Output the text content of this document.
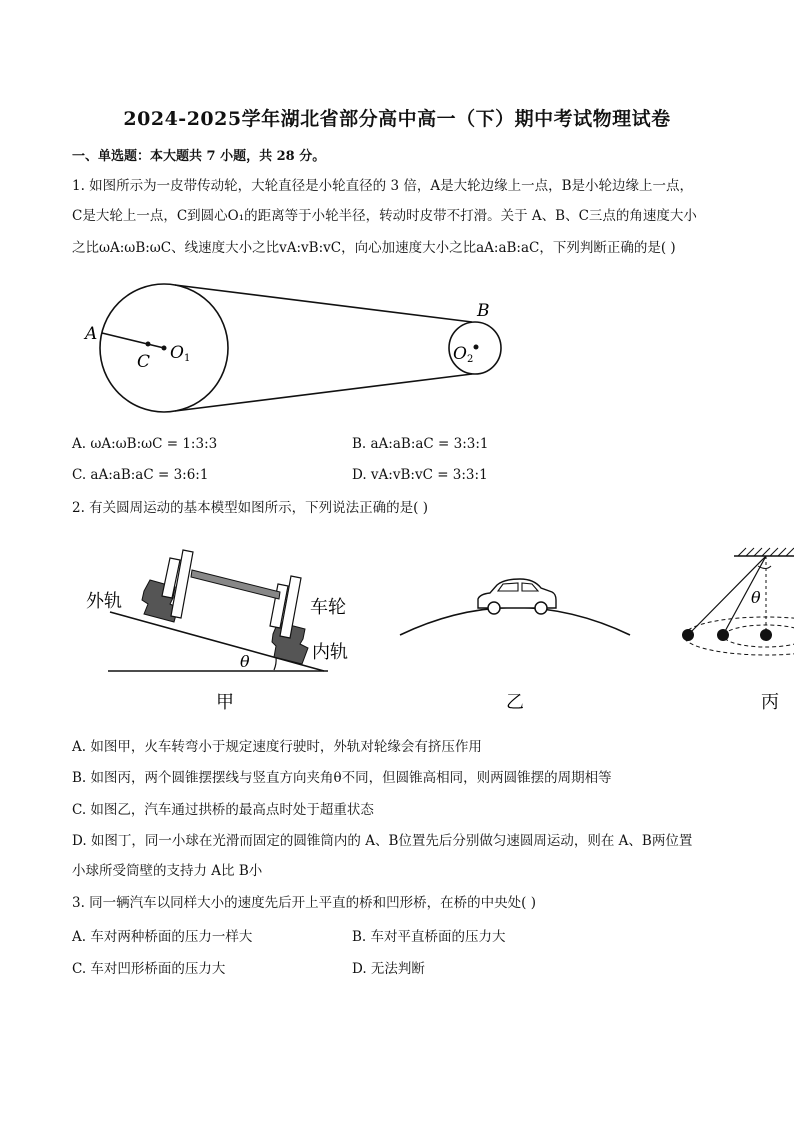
2024-2025学年湖北省部分高中高一（下）期中考试物理试卷
一、单选题：本大题共 7 小题，共 28 分。
1. 如图所示为一皮带传动轮，大轮直径是小轮直径的 3 倍，A是大轮边缘上一点，B是小轮边缘上一点，
C是大轮上一点，C到圆心O₁的距离等于小轮半径，转动时皮带不打滑。关于 A、B、C三点的角速度大小
之比ωA:ωB:ωC、线速度大小之比vA:vB:vC，向心加速度大小之比aA:aB:aC，下列判断正确的是( )
A
C O1
B
O2
A. ωA:ωB:ωC = 1:3:3	B. aA:aB:aC = 3:3:1
C. aA:aB:aC = 3:6:1	D. vA:vB:vC = 3:3:1
2. 有关圆周运动的基本模型如图所示，下列说法正确的是( )
外轨	车轮
内轨
θ
甲	乙
θ
丙
A. 如图甲，火车转弯小于规定速度行驶时，外轨对轮缘会有挤压作用
B. 如图丙，两个圆锥摆摆线与竖直方向夹角θ不同，但圆锥高相同，则两圆锥摆的周期相等
C. 如图乙，汽车通过拱桥的最高点时处于超重状态
D. 如图丁，同一小球在光滑而固定的圆锥筒内的 A、B位置先后分别做匀速圆周运动，则在 A、B两位置
小球所受筒壁的支持力 A比 B小
3. 同一辆汽车以同样大小的速度先后开上平直的桥和凹形桥，在桥的中央处( )
A. 车对两种桥面的压力一样大	B. 车对平直桥面的压力大
C. 车对凹形桥面的压力大	D. 无法判断
